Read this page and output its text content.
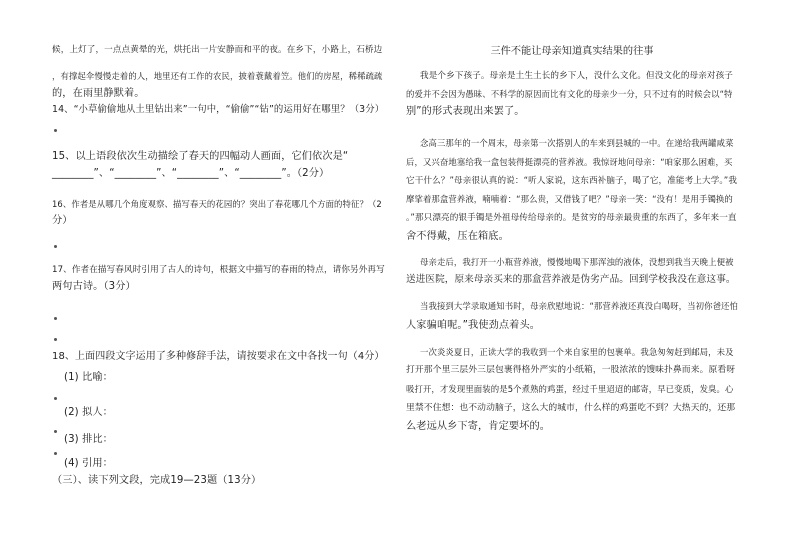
候，上灯了，一点点黄晕的光，烘托出一片安静而和平的夜。在乡下，小路上，石桥边
，有撑起伞慢慢走着的人，地里还有工作的农民，披着蓑戴着笠。他们的房屋，稀稀疏疏
的，在雨里静默着。
14、“小草偷偷地从土里钻出来”一句中，“偷偷”“钻”的运用好在哪里？（3分）
15、以上语段依次生动描绘了春天的四幅动人画面，它们依次是“
________”、“________”、“________”、“________”。（2分）
16、作者是从哪几个角度观察、描写春天的花园的？突出了春花哪几个方面的特征？（2
分）
17、作者在描写春风时引用了古人的诗句，根据文中描写的春雨的特点，请你另外再写
两句古诗。（3分）
18、上面四段文字运用了多种修辞手法，请按要求在文中各找一句（4分）
(1) 比喻：
(2) 拟人：
(3) 排比：
(4) 引用：
（三）、读下列文段，完成19—23题（13分）
三件不能让母亲知道真实结果的往事
我是个乡下孩子。母亲是土生土长的乡下人，没什么文化。但没文化的母亲对孩子
的爱并不会因为愚昧、不科学的原因而比有文化的母亲少一分，只不过有的时候会以“特
别”的形式表现出来罢了。
念高三那年的一个周末，母亲第一次搭别人的车来到县城的一中。在递给我两罐咸菜
后，又兴奋地塞给我一盒包装得挺漂亮的营养液。我惊讶地问母亲：“咱家那么困难，买
它干什么？”母亲很认真的说：“听人家说，这东西补脑子，喝了它，准能考上大学。”我
摩挲着那盒营养液，喃喃着：“那么贵，又借钱了吧？”母亲一笑：“没有！是用手镯换的
。”那只漂亮的银手镯是外祖母传给母亲的。是贫穷的母亲最贵重的东西了，多年来一直
舍不得戴，压在箱底。
母亲走后，我打开一小瓶营养液，慢慢地喝下那浑浊的液体，没想到我当天晚上便被
送进医院，原来母亲买来的那盒营养液是伪劣产品。回到学校我没在意这事。
当我接到大学录取通知书时，母亲欣慰地说：“那营养液还真没白喝呀，当初你爸还怕
人家骗咱呢。”我使劲点着头。
一次炎炎夏日，正读大学的我收到一个来自家里的包裹单。我急匆匆赶到邮局，未及
打开那个里三层外三层包裹得格外严实的小纸箱，一股浓浓的馊味扑鼻而来。原看呀
吸打开，才发现里面装的是5个煮熟的鸡蛋，经过千里迢迢的邮寄，早已变质，发臭。心
里禁不住想：也不动动脑子，这么大的城市，什么样的鸡蛋吃不到？大热天的，还那
么老远从乡下寄，肯定要坏的。
